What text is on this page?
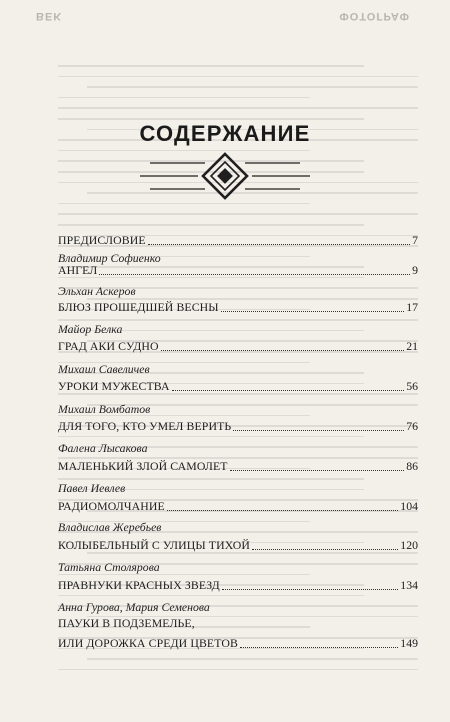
BEK	ФОТОГРАФ
СОДЕРЖАНИЕ
ПРЕДИСЛОВИЕ	7
Владимир Софиенко
АНГЕЛ	9
Эльхан Аскеров
БЛЮЗ ПРОШЕДШЕЙ ВЕСНЫ	17
Майор Белка
ГРАД АКИ СУДНО	21
Михаил Савеличев
УРОКИ МУЖЕСТВА	56
Михаил Вомбатов
ДЛЯ ТОГО, КТО УМЕЛ ВЕРИТЬ	76
Фалена Лысакова
МАЛЕНЬКИЙ ЗЛОЙ САМОЛЕТ	86
Павел Иевлев
РАДИОМОЛЧАНИЕ	104
Владислав Жеребьев
КОЛЫБЕЛЬНЫЙ С УЛИЦЫ ТИХОЙ	120
Татьяна Столярова
ПРАВНУКИ КРАСНЫХ ЗВЕЗД	134
Анна Гурова, Мария Семенова
ПАУКИ В ПОДЗЕМЕЛЬЕ,
ИЛИ ДОРОЖКА СРЕДИ ЦВЕТОВ	149
